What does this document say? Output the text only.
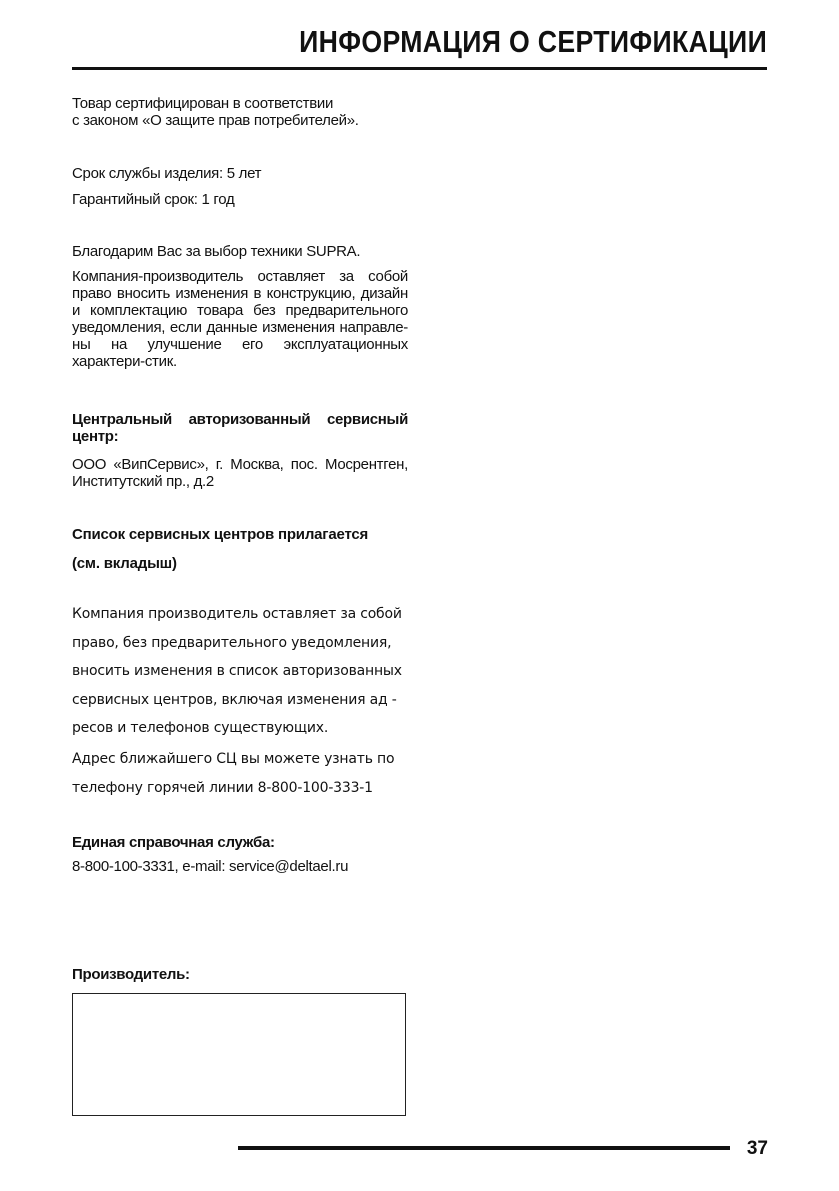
ИНФОРМАЦИЯ О СЕРТИФИКАЦИИ
Товар сертифицирован в соответствии
с законом «О защите прав потребителей».
Срок службы изделия: 5 лет
Гарантийный срок: 1 год
Благодарим Вас за выбор техники SUPRA.
Компания-производитель оставляет за собой право вносить изменения в конструкцию, дизайн и комплектацию товара без предварительного уведомления, если данные изменения направле-ны на улучшение его эксплуатационных характери-стик.
Центральный авторизованный сервисный центр:
ООО «ВипСервис», г. Москва, пос. Мосрентген, Институтский пр., д.2
Список сервисных центров прилагается
(см. вкладыш)
Компания производитель оставляет за собой
право, без предварительного уведомления,
вносить изменения в список авторизованных
сервисных центров, включая изменения ад -
ресов и телефонов существующих.
Адрес ближайшего СЦ вы можете узнать по
телефону горячей линии 8-800-100-333-1
Единая справочная служба:
8-800-100-3331, e-mail: service@deltael.ru
Производитель:
37
